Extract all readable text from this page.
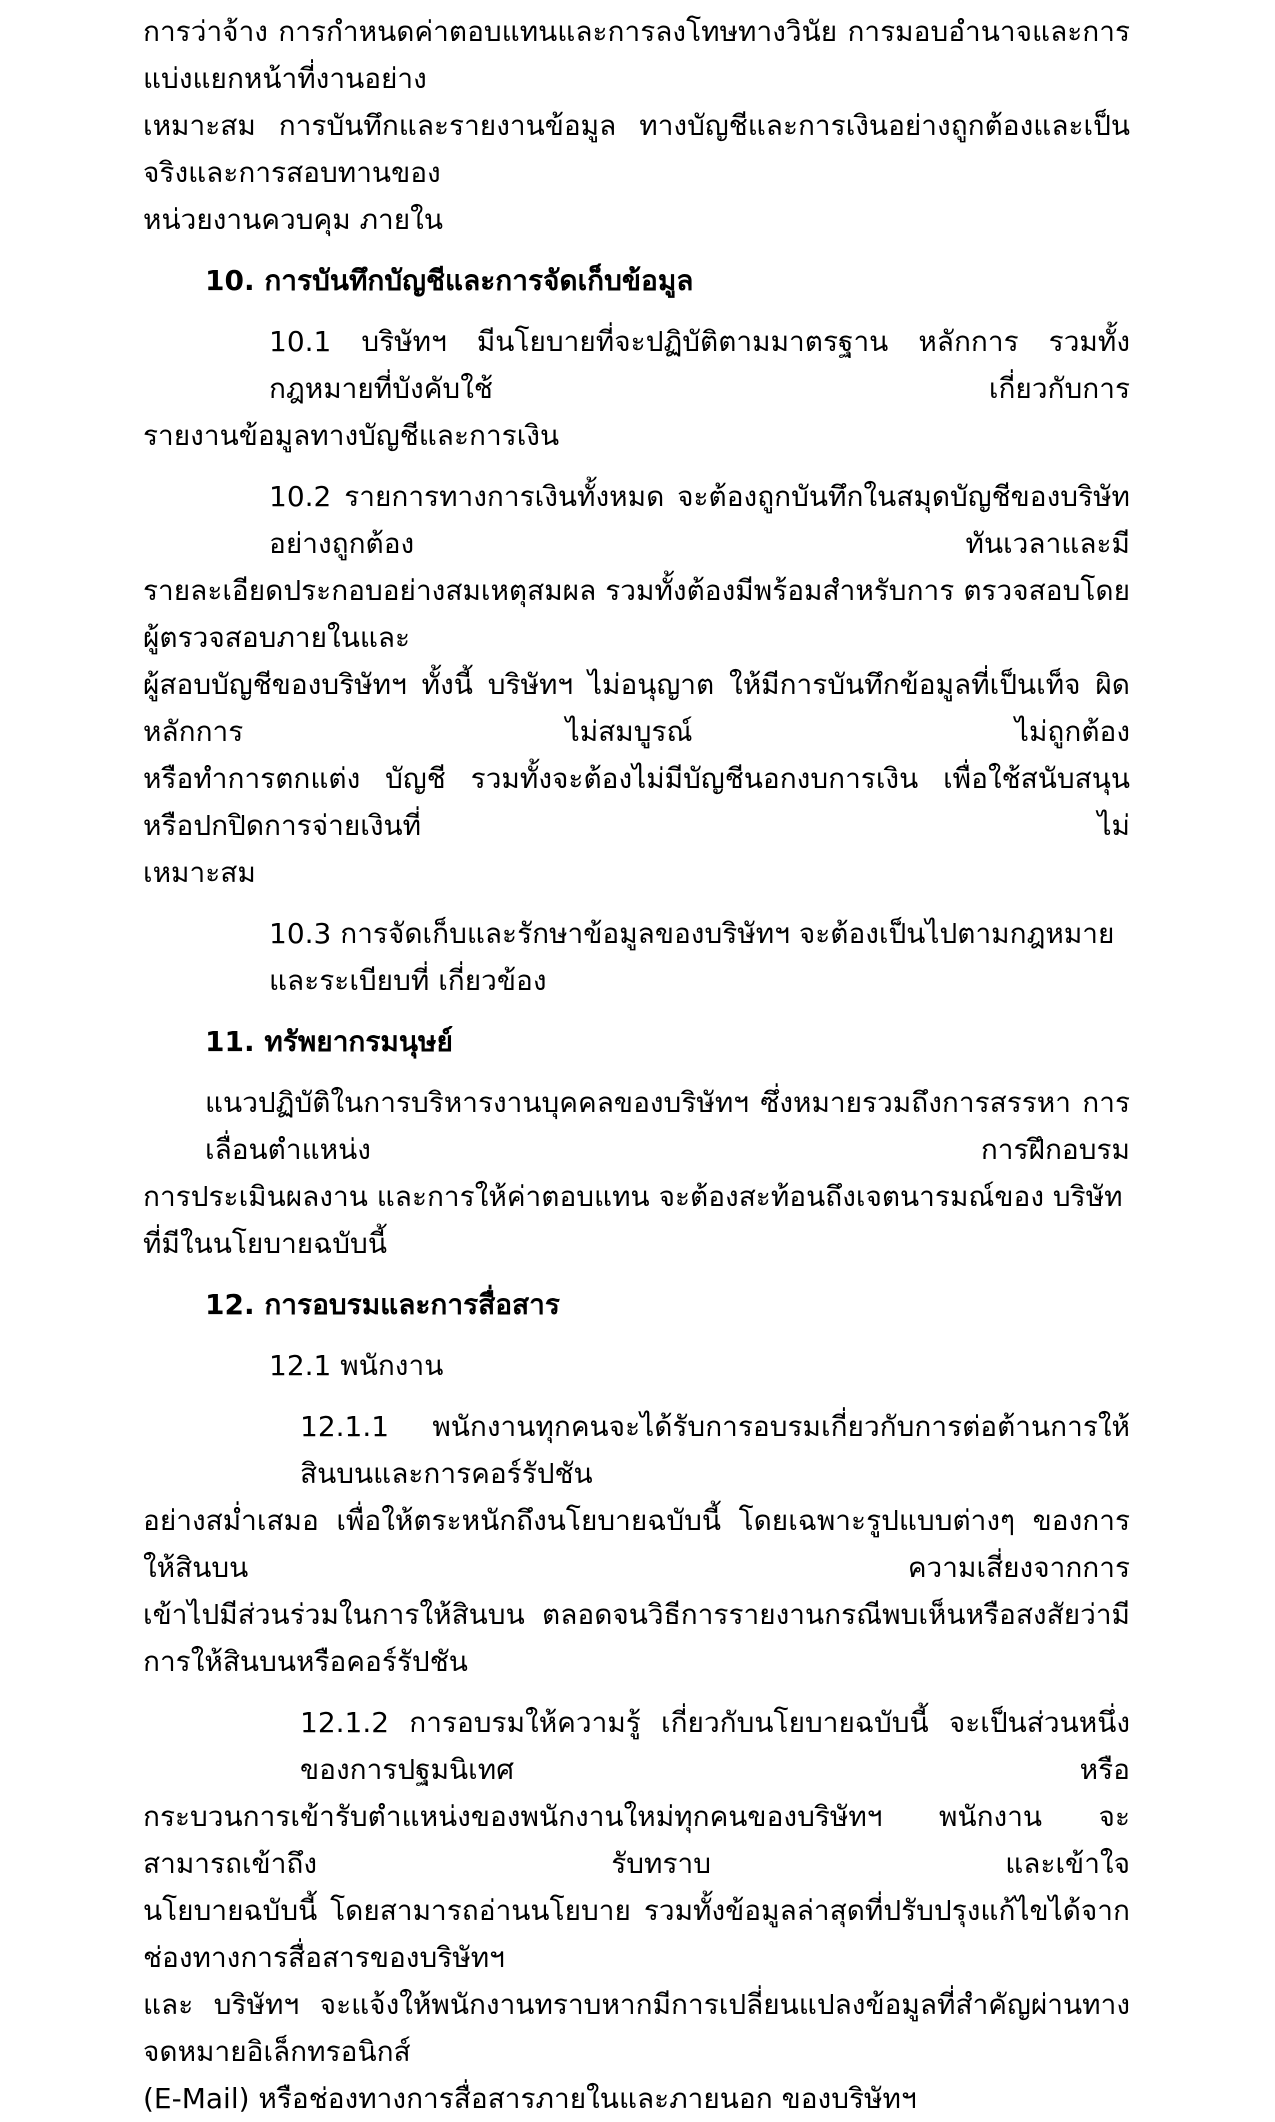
การว่าจ้าง การกำหนดค่าตอบแทนและการลงโทษทางวินัย การมอบอำนาจและการแบ่งแยกหน้าที่งานอย่าง
เหมาะสม การบันทึกและรายงานข้อมูล ทางบัญชีและการเงินอย่างถูกต้องและเป็นจริงและการสอบทานของ
หน่วยงานควบคุม ภายใน
10. การบันทึกบัญชีและการจัดเก็บข้อมูล
10.1 บริษัทฯ มีนโยบายที่จะปฏิบัติตามมาตรฐาน หลักการ รวมทั้งกฎหมายที่บังคับใช้ เกี่ยวกับการ
รายงานข้อมูลทางบัญชีและการเงิน
10.2 รายการทางการเงินทั้งหมด จะต้องถูกบันทึกในสมุดบัญชีของบริษัทอย่างถูกต้อง ทันเวลาและมี
รายละเอียดประกอบอย่างสมเหตุสมผล รวมทั้งต้องมีพร้อมสำหรับการ ตรวจสอบโดยผู้ตรวจสอบภายในและ
ผู้สอบบัญชีของบริษัทฯ ทั้งนี้ บริษัทฯ ไม่อนุญาต ให้มีการบันทึกข้อมูลที่เป็นเท็จ ผิดหลักการ ไม่สมบูรณ์ ไม่ถูกต้อง
หรือทำการตกแต่ง บัญชี รวมทั้งจะต้องไม่มีบัญชีนอกงบการเงิน เพื่อใช้สนับสนุนหรือปกปิดการจ่ายเงินที่ ไม่
เหมาะสม
10.3 การจัดเก็บและรักษาข้อมูลของบริษัทฯ จะต้องเป็นไปตามกฎหมายและระเบียบที่ เกี่ยวข้อง
11. ทรัพยากรมนุษย์
แนวปฏิบัติในการบริหารงานบุคคลของบริษัทฯ ซึ่งหมายรวมถึงการสรรหา การเลื่อนตำแหน่ง การฝึกอบรม
การประเมินผลงาน และการให้ค่าตอบแทน จะต้องสะท้อนถึงเจตนารมณ์ของ บริษัทที่มีในนโยบายฉบับนี้
12. การอบรมและการสื่อสาร
12.1 พนักงาน
12.1.1 พนักงานทุกคนจะได้รับการอบรมเกี่ยวกับการต่อต้านการให้สินบนและการคอร์รัปชัน
อย่างสม่ำเสมอ เพื่อให้ตระหนักถึงนโยบายฉบับนี้ โดยเฉพาะรูปแบบต่างๆ ของการให้สินบน ความเสี่ยงจากการ
เข้าไปมีส่วนร่วมในการให้สินบน ตลอดจนวิธีการรายงานกรณีพบเห็นหรือสงสัยว่ามีการให้สินบนหรือคอร์รัปชัน
12.1.2 การอบรมให้ความรู้ เกี่ยวกับนโยบายฉบับนี้ จะเป็นส่วนหนึ่งของการปฐมนิเทศ หรือ
กระบวนการเข้ารับตำแหน่งของพนักงานใหม่ทุกคนของบริษัทฯ พนักงาน จะสามารถเข้าถึง รับทราบ และเข้าใจ
นโยบายฉบับนี้ โดยสามารถอ่านนโยบาย รวมทั้งข้อมูลล่าสุดที่ปรับปรุงแก้ไขได้จากช่องทางการสื่อสารของบริษัทฯ
และ บริษัทฯ จะแจ้งให้พนักงานทราบหากมีการเปลี่ยนแปลงข้อมูลที่สำคัญผ่านทาง จดหมายอิเล็กทรอนิกส์
(E-Mail) หรือช่องทางการสื่อสารภายในและภายนอก ของบริษัทฯ
